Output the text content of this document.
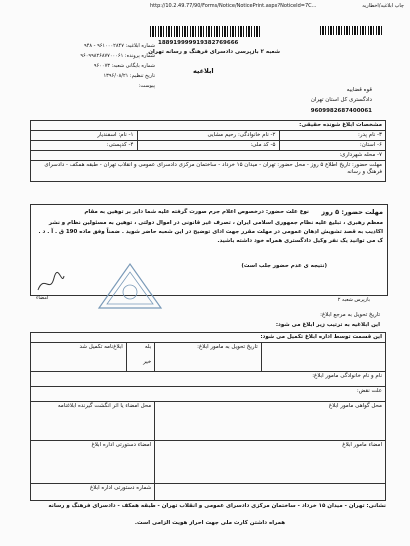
چاپ ابلاغیه/اخطاریه
http://10.2.49.77/90/Forms/Notice/NoticePrint.aspx?NoticeId=7C...
188919999919382769666
شعبه ۲ بازپرسی دادسرای فرهنگ و رسانه تهران
ابلاغیه
شماره ابلاغیه: ۹۶۱۰۰۰۲۸۴۷ - ۹۴۸
شماره پرونده: ۹۶۰۹۹۸۲۶۸۷۷۰۰۰۶۱
شماره بایگانی شعبه: ۹۶۰۰۷۳
تاریخ تنظیم: ۱۳۹۶/۰۸/۲۱
پیوست:
قوه قضاییه
دادگستری کل استان تهران
9609982687400061
مشخصات ابلاغ شونده حقیقی:		
۱- نام: اسفندیار	۲- نام خانوادگی: رحیم مشایی	۳- نام پدر:
۴- کدپستی:	۵- کد ملی:	۶- استان:
۷- محله شهرداری:		
مهلت حضور: تاریخ اطلاع ۵ روز - محل حضور: تهران - میدان ۱۵ خرداد - ساختمان مرکزی دادسرای عمومی و انقلاب تهران - طبقه همکف - دادسرای فرهنگ و رسانه		
مهلت حضور: ۵ روز
نوع علت حضور: درخصوص اعلام جرم صورت گرفته علیه شما دایر بر توهین به مقام
معظم رهبری ، تبلیغ علیه نظام جمهوری اسلامی ایران ، تصرف غیر قانونی در اموال دولتی ، توهین به مسئولین نظام و نشر اکاذیب به قصد تشویش اذهان عمومی در مهلت مقرر جهت ادای توضیح در این شعبه حاضر شوید . ضمناً وفق ماده 190 ق . آ . د . ک می توانید یک نفر وکیل دادگستری همراه خود داشته باشید.
(نتیجه ی عدم حضور جلب است)
امضاء	بازپرس شعبه ۲
تاریخ تحویل به مرجع ابلاغ:
این ابلاغیه به ترتیب زیر ابلاغ می شود:
این قسمت توسط اداره ابلاغ تکمیل می شود:			
ابلاغ‌نامه تکمیل شد	بله
خیر	تاریخ تحویل به مامور ابلاغ:	
نام و نام خانوادگی مامور ابلاغ:			
علت نقض:			
محل امضاء یا اثر انگشت گیرنده ابلاغنامه		محل گواهی مامور ابلاغ	
امضاء دستورتی اداره ابلاغ		امضاء مامور ابلاغ	
شماره دستورتی اداره ابلاغ			
نشانی: تهران - میدان ۱۵ خرداد - ساختمان مرکزی دادسرای عمومی و انقلاب تهران - طبقه همکف - دادسرای فرهنگ و رسانه
همراه داشتن کارت ملی جهت احراز هویت الزامی است.
